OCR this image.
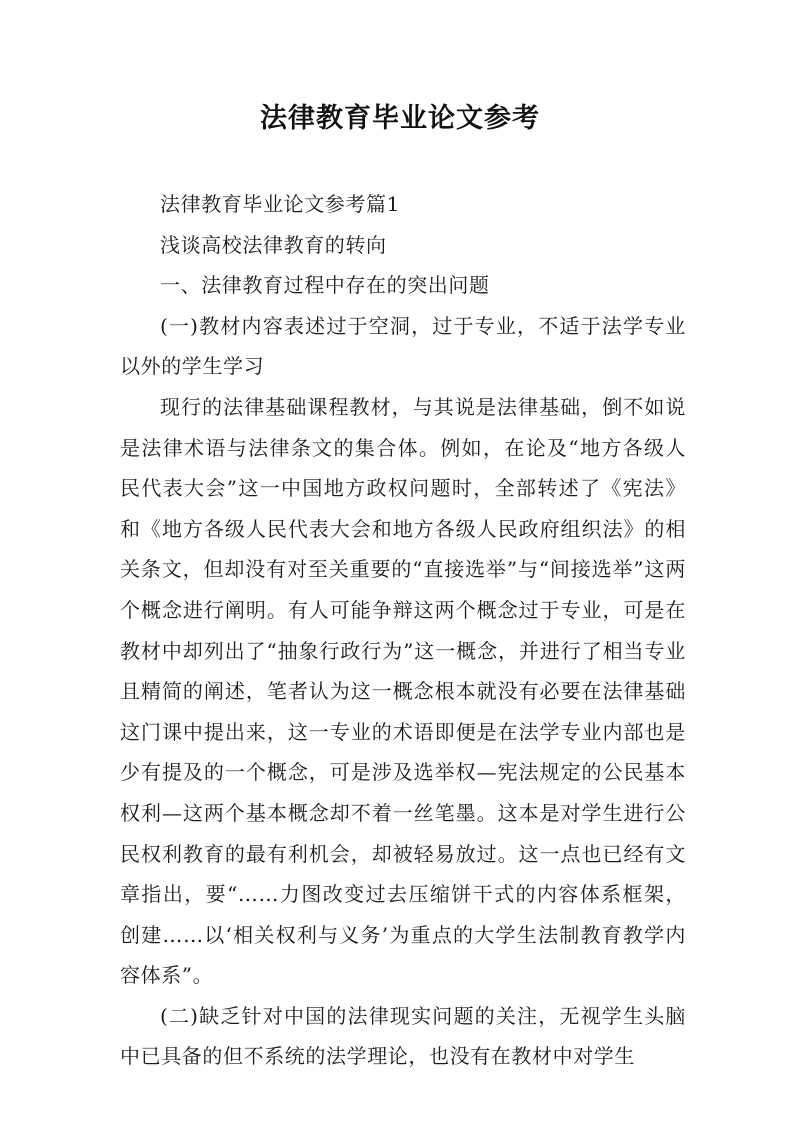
法律教育毕业论文参考

法律教育毕业论文参考篇1

浅谈高校法律教育的转向

一、法律教育过程中存在的突出问题

(一)教材内容表述过于空洞，过于专业，不适于法学专业以外的学生学习

现行的法律基础课程教材，与其说是法律基础，倒不如说是法律术语与法律条文的集合体。例如，在论及“地方各级人民代表大会”这一中国地方政权问题时，全部转述了《宪法》和《地方各级人民代表大会和地方各级人民政府组织法》的相关条文，但却没有对至关重要的“直接选举”与“间接选举”这两个概念进行阐明。有人可能争辩这两个概念过于专业，可是在教材中却列出了“抽象行政行为”这一概念，并进行了相当专业且精简的阐述，笔者认为这一概念根本就没有必要在法律基础这门课中提出来，这一专业的术语即便是在法学专业内部也是少有提及的一个概念，可是涉及选举权—宪法规定的公民基本权利—这两个基本概念却不着一丝笔墨。这本是对学生进行公民权利教育的最有利机会，却被轻易放过。这一点也已经有文章指出，要“……力图改变过去压缩饼干式的内容体系框架，创建……以‘相关权利与义务’为重点的大学生法制教育教学内容体系”。

(二)缺乏针对中国的法律现实问题的关注，无视学生头脑中已具备的但不系统的法学理论，也没有在教材中对学生
